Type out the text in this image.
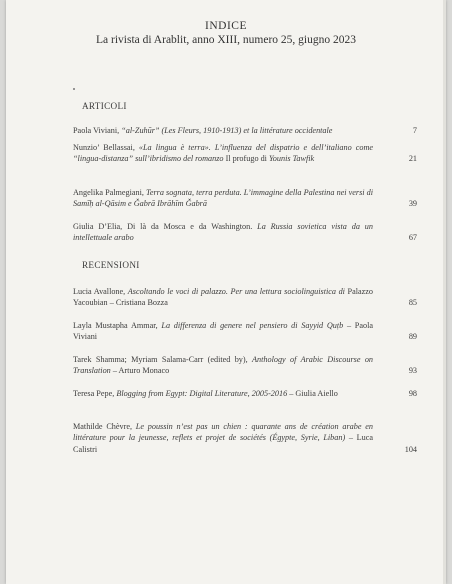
INDICE
La rivista di Arablit, anno XIII, numero 25, giugno 2023
ARTICOLI
Paola Viviani, “al-Zuhūr” (Les Fleurs, 1910-1913) et la littérature occidentale	7
Nunzio’ Bellassai, «La lingua è terra». L’influenza del dispatrio e dell’italiano come “lingua-distanza” sull’ibridismo del romanzo Il profugo di Younis Tawfik	21
Angelika Palmegiani, Terra sognata, terra perduta. L’immagine della Palestina nei versi di Samīḥ al-Qāsim e Ǧabrā Ibrāhīm Ǧabrā	39
Giulia D’Elia, Di là da Mosca e da Washington. La Russia sovietica vista da un intellettuale arabo	67
RECENSIONI
Lucia Avallone, Ascoltando le voci di palazzo. Per una lettura sociolinguistica di Palazzo Yacoubian – Cristiana Bozza	85
Layla Mustapha Ammar, La differenza di genere nel pensiero di Sayyid Quṭb – Paola Viviani	89
Tarek Shamma; Myriam Salama-Carr (edited by), Anthology of Arabic Discourse on Translation – Arturo Monaco	93
Teresa Pepe, Blogging from Egypt: Digital Literature, 2005-2016 – Giulia Aiello	98
Mathilde Chèvre, Le poussin n’est pas un chien : quarante ans de création arabe en littérature pour la jeunesse, reflets et projet de sociétés (Égypte, Syrie, Liban) – Luca Calistri	104
